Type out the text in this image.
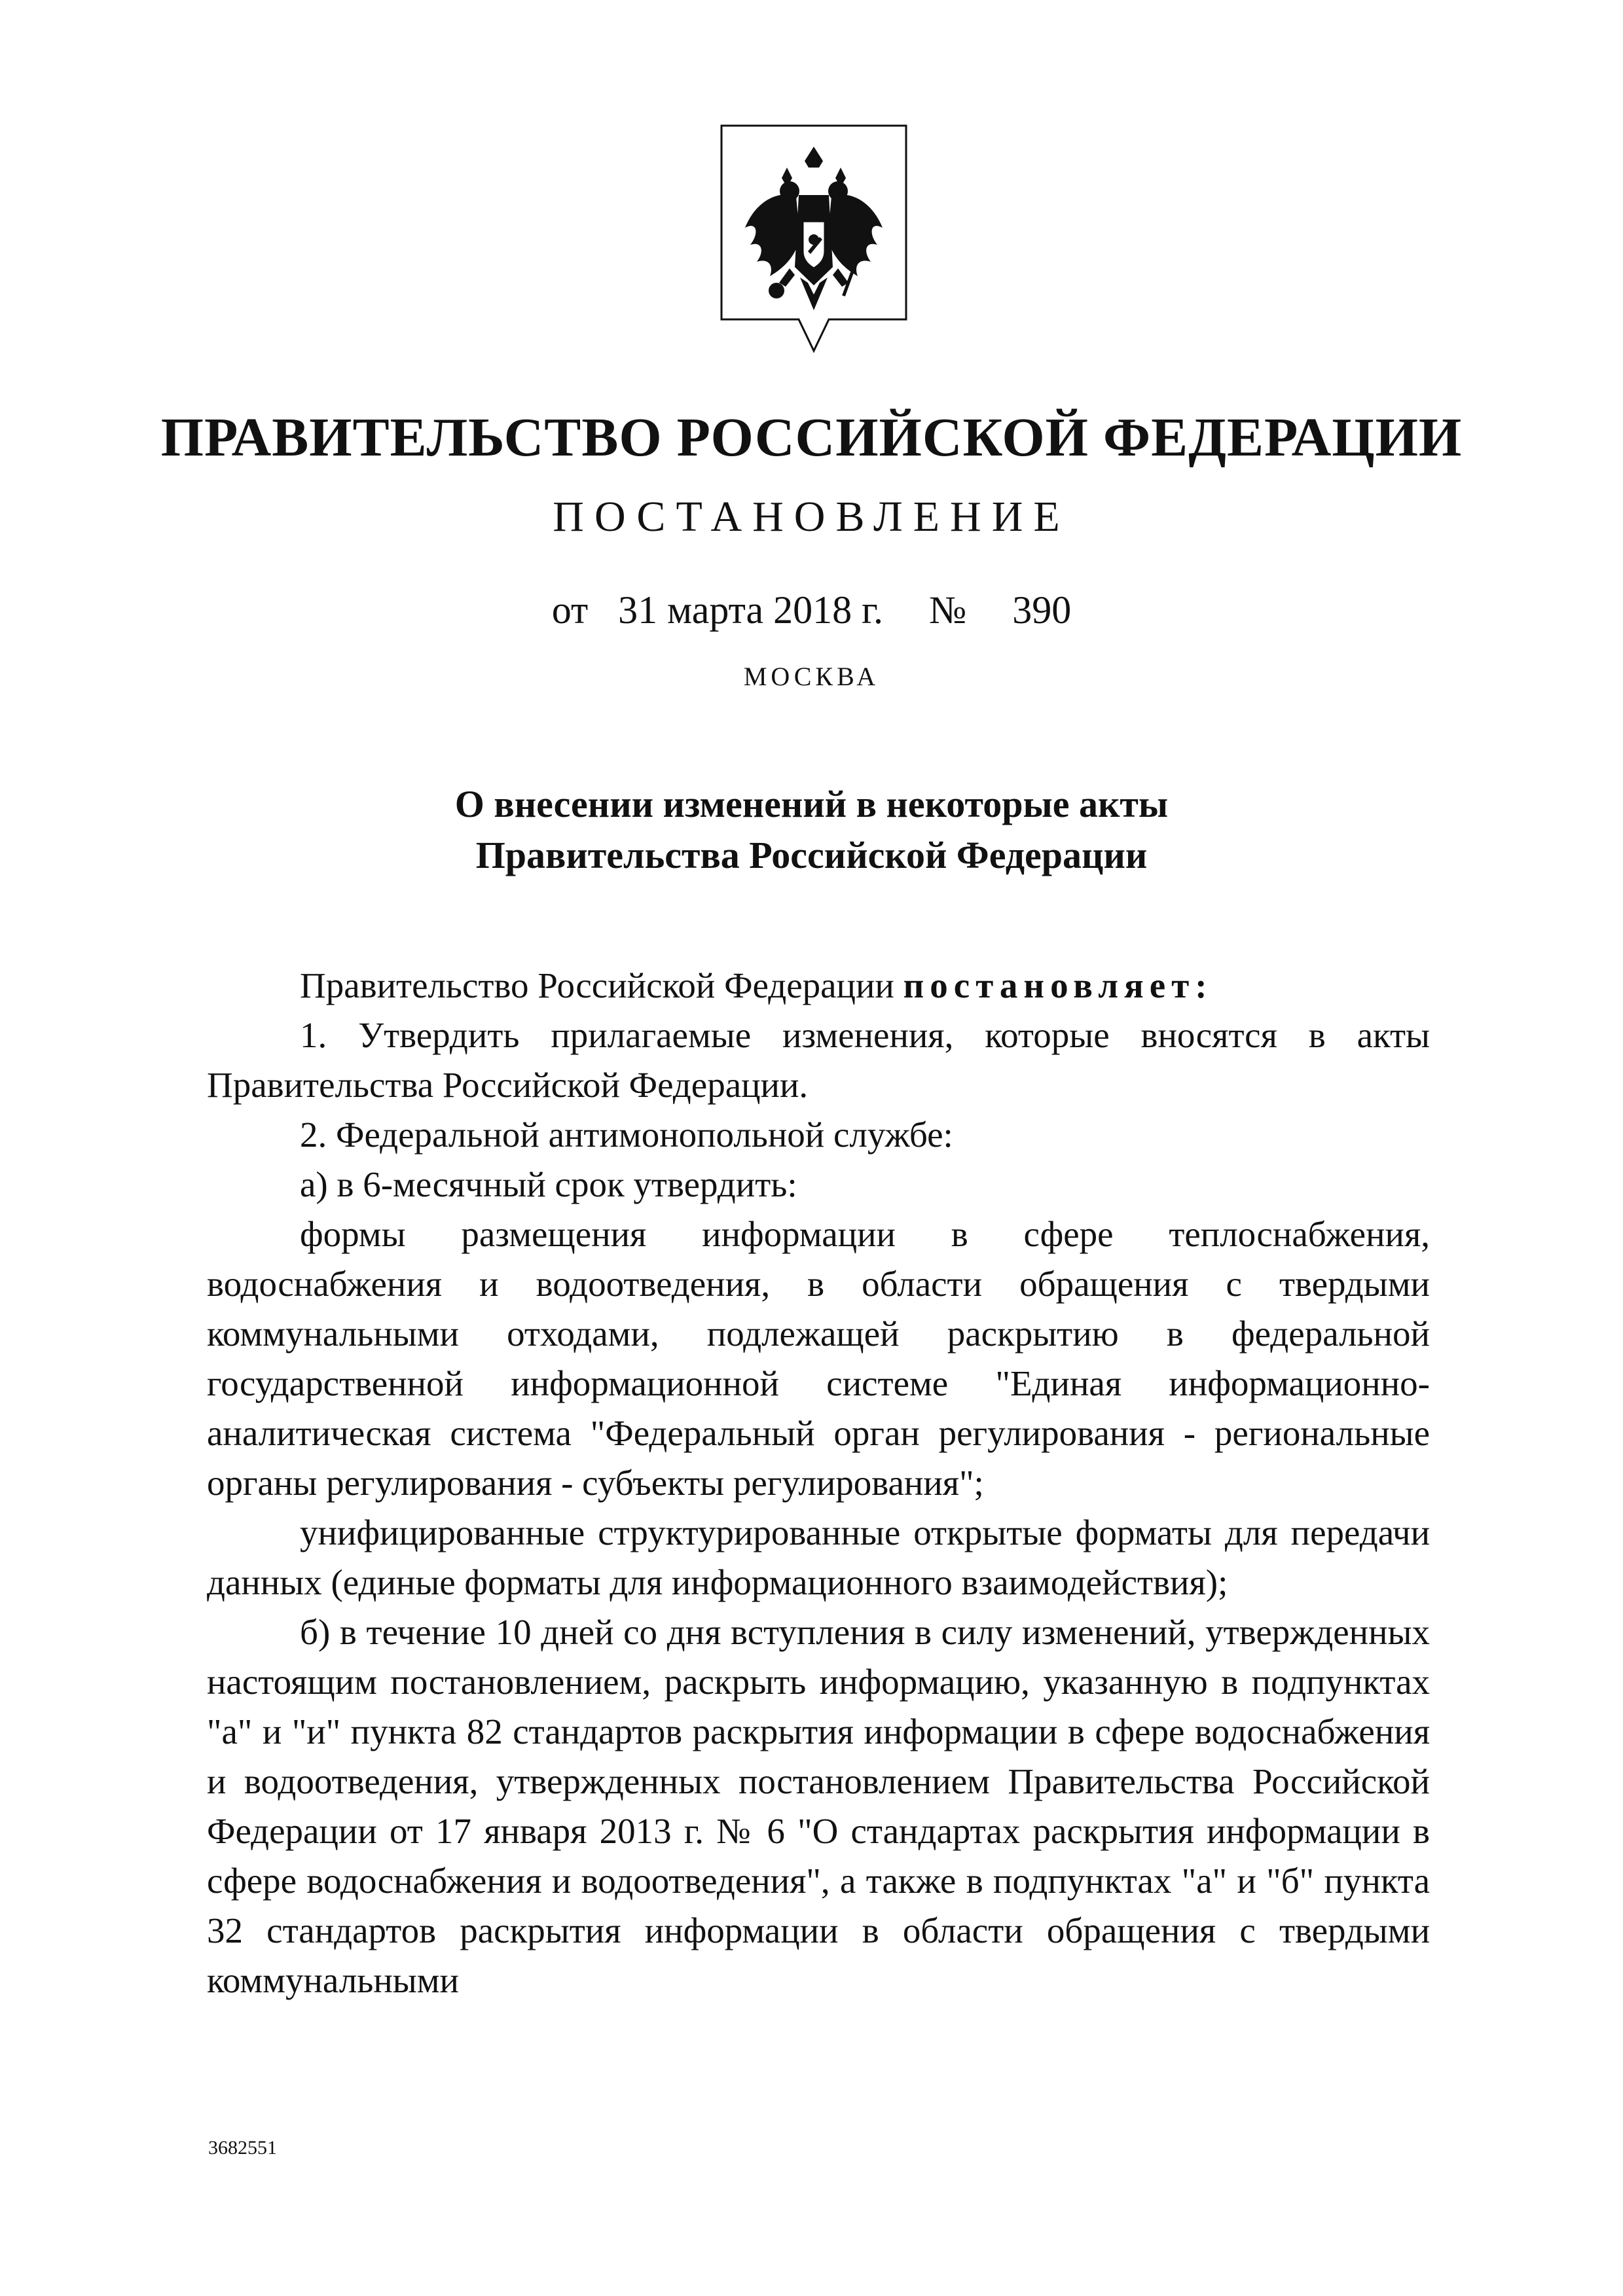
ПРАВИТЕЛЬСТВО РОССИЙСКОЙ ФЕДЕРАЦИИ
ПОСТАНОВЛЕНИЕ
от 31 марта 2018 г. № 390
МОСКВА
О внесении изменений в некоторые акты
Правительства Российской Федерации

Правительство Российской Федерации постановляет:

1. Утвердить прилагаемые изменения, которые вносятся в акты Правительства Российской Федерации.

2. Федеральной антимонопольной службе:

а) в 6-месячный срок утвердить:

формы размещения информации в сфере теплоснабжения, водоснабжения и водоотведения, в области обращения с твердыми коммунальными отходами, подлежащей раскрытию в федеральной государственной информационной системе "Единая информационно-аналитическая система "Федеральный орган регулирования - региональные органы регулирования - субъекты регулирования";

унифицированные структурированные открытые форматы для передачи данных (единые форматы для информационного взаимодействия);

б) в течение 10 дней со дня вступления в силу изменений, утвержденных настоящим постановлением, раскрыть информацию, указанную в подпунктах "а" и "и" пункта 82 стандартов раскрытия информации в сфере водоснабжения и водоотведения, утвержденных постановлением Правительства Российской Федерации от 17 января 2013 г. № 6 "О стандартах раскрытия информации в сфере водоснабжения и водоотведения", а также в подпунктах "а" и "б" пункта 32 стандартов раскрытия информации в области обращения с твердыми коммунальными

3682551
